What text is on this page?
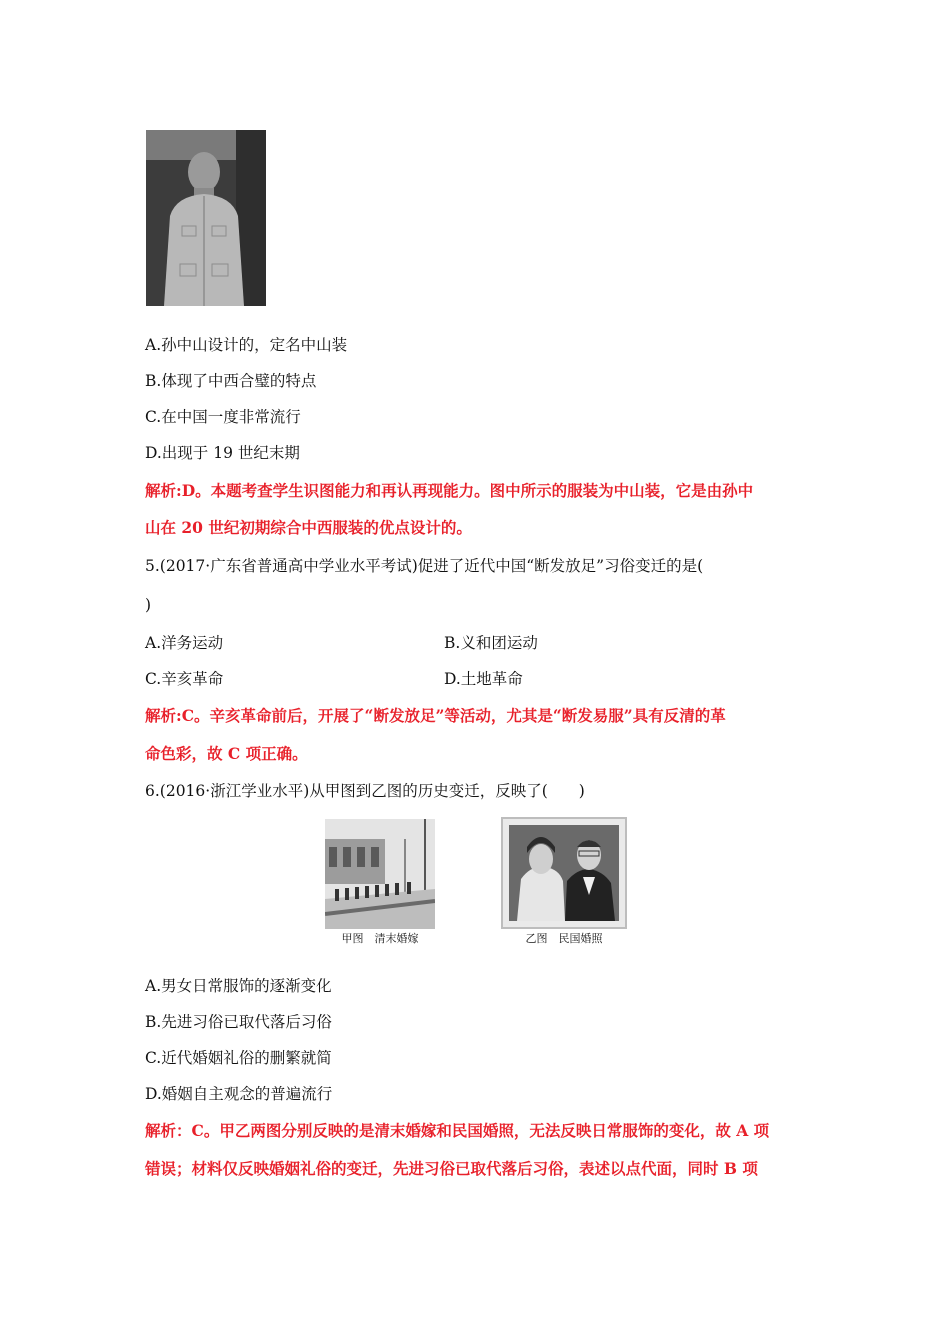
A.孙中山设计的，定名中山装
B.体现了中西合璧的特点
C.在中国一度非常流行
D.出现于 19 世纪末期
解析:D。本题考查学生识图能力和再认再现能力。图中所示的服装为中山装，它是由孙中
山在 20 世纪初期综合中西服装的优点设计的。
5.(2017·广东省普通高中学业水平考试)促进了近代中国“断发放足”习俗变迁的是(
)
A.洋务运动	B.义和团运动
C.辛亥革命	D.土地革命
解析:C。辛亥革命前后，开展了“断发放足”等活动，尤其是“断发易服”具有反清的革
命色彩，故 C 项正确。
6.(2016·浙江学业水平)从甲图到乙图的历史变迁，反映了(　　)
甲图　清末婚嫁	乙图　民国婚照
A.男女日常服饰的逐渐变化
B.先进习俗已取代落后习俗
C.近代婚姻礼俗的删繁就简
D.婚姻自主观念的普遍流行
解析：C。甲乙两图分别反映的是清末婚嫁和民国婚照，无法反映日常服饰的变化，故 A 项
错误；材料仅反映婚姻礼俗的变迁，先进习俗已取代落后习俗，表述以点代面，同时 B 项
